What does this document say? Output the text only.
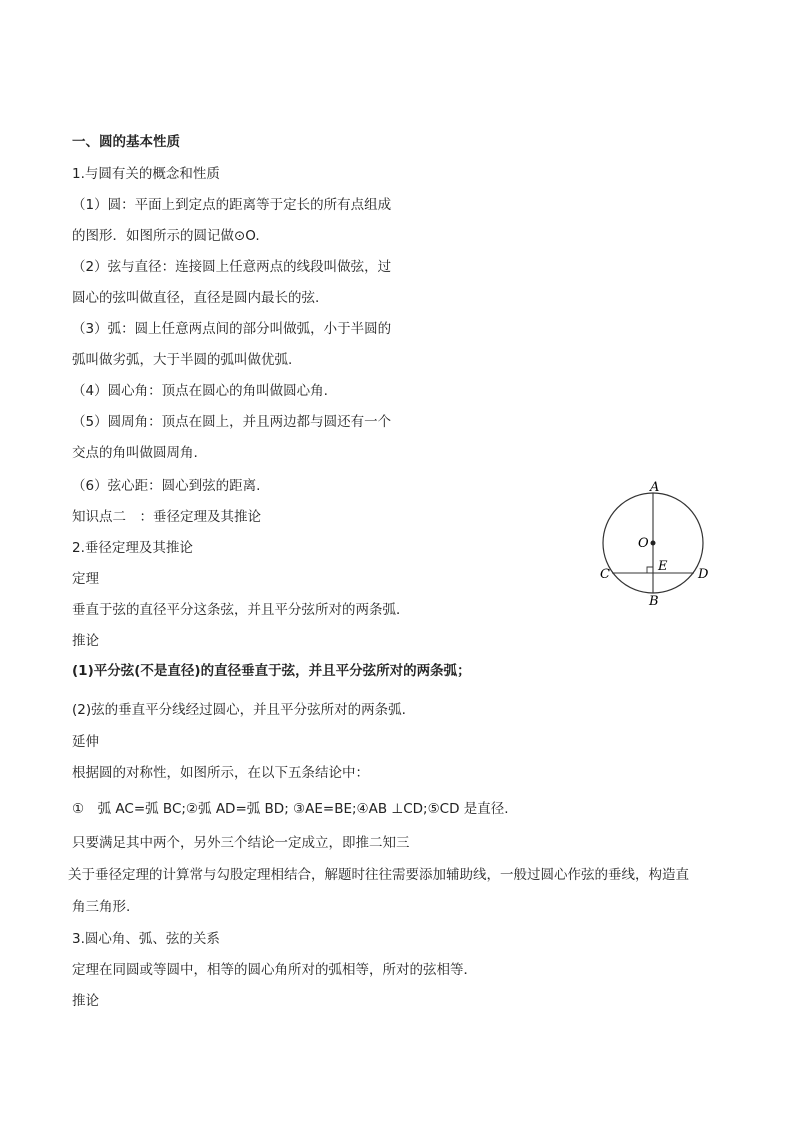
一、圆的基本性质
1.与圆有关的概念和性质
（1）圆：平面上到定点的距离等于定长的所有点组成
的图形．如图所示的圆记做⊙O.
（2）弦与直径：连接圆上任意两点的线段叫做弦，过
圆心的弦叫做直径，直径是圆内最长的弦.
（3）弧：圆上任意两点间的部分叫做弧，小于半圆的
弧叫做劣弧，大于半圆的弧叫做优弧.
（4）圆心角：顶点在圆心的角叫做圆心角.
（5）圆周角：顶点在圆上，并且两边都与圆还有一个
交点的角叫做圆周角.
（6）弦心距：圆心到弦的距离.
知识点二　：垂径定理及其推论
2.垂径定理及其推论
定理
垂直于弦的直径平分这条弦，并且平分弦所对的两条弧．
推论
(1)平分弦(不是直径)的直径垂直于弦，并且平分弦所对的两条弧；
(2)弦的垂直平分线经过圆心，并且平分弦所对的两条弧.
延伸
根据圆的对称性，如图所示，在以下五条结论中：
①　弧 AC=弧 BC;②弧 AD=弧 BD; ③AE=BE;④AB ⊥CD;⑤CD 是直径.
只要满足其中两个，另外三个结论一定成立，即推二知三
关于垂径定理的计算常与勾股定理相结合，解题时往往需要添加辅助线，一般过圆心作弦的垂线，构造直
角三角形.
3.圆心角、弧、弦的关系
定理在同圆或等圆中，相等的圆心角所对的弧相等，所对的弦相等．
推论
A
O
E
C	D
B
